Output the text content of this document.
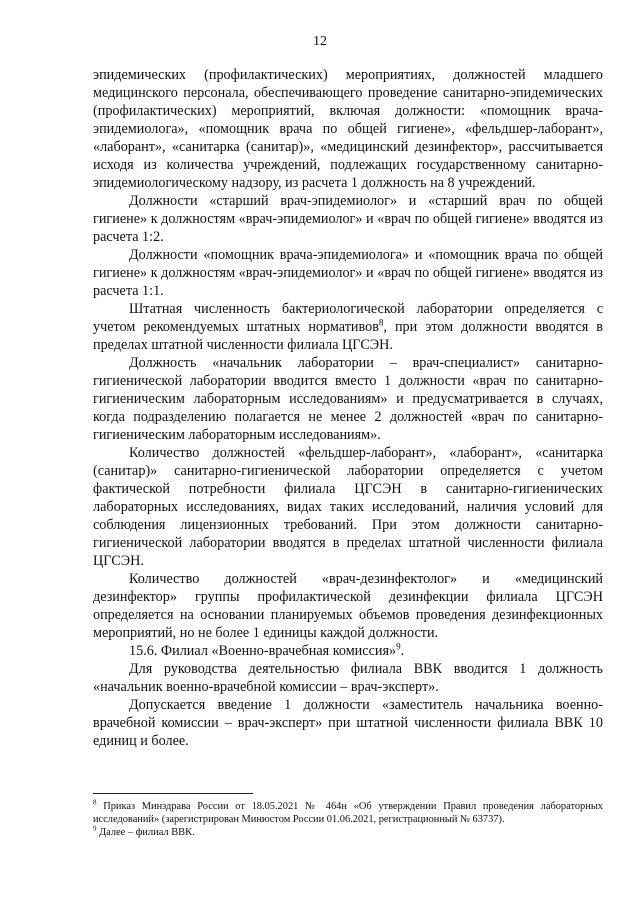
12

эпидемических (профилактических) мероприятиях, должностей младшего медицинского персонала, обеспечивающего проведение санитарно-эпидемических (профилактических) мероприятий, включая должности: «помощник врача-эпидемиолога», «помощник врача по общей гигиене», «фельдшер-лаборант», «лаборант», «санитарка (санитар)», «медицинский дезинфектор», рассчитывается исходя из количества учреждений, подлежащих государственному санитарно-эпидемиологическому надзору, из расчета 1 должность на 8 учреждений.

Должности «старший врач-эпидемиолог» и «старший врач по общей гигиене» к должностям «врач-эпидемиолог» и «врач по общей гигиене» вводятся из расчета 1:2.

Должности «помощник врача-эпидемиолога» и «помощник врача по общей гигиене» к должностям «врач-эпидемиолог» и «врач по общей гигиене» вводятся из расчета 1:1.

Штатная численность бактериологической лаборатории определяется с учетом рекомендуемых штатных нормативов$^8$, при этом должности вводятся в пределах штатной численности филиала ЦГСЭН.

Должность «начальник лаборатории – врач-специалист» санитарно-гигиенической лаборатории вводится вместо 1 должности «врач по санитарно-гигиеническим лабораторным исследованиям» и предусматривается в случаях, когда подразделению полагается не менее 2 должностей «врач по санитарно-гигиеническим лабораторным исследованиям».

Количество должностей «фельдшер-лаборант», «лаборант», «санитарка (санитар)» санитарно-гигиенической лаборатории определяется с учетом фактической потребности филиала ЦГСЭН в санитарно-гигиенических лабораторных исследованиях, видах таких исследований, наличия условий для соблюдения лицензионных требований. При этом должности санитарно-гигиенической лаборатории вводятся в пределах штатной численности филиала ЦГСЭН.

Количество должностей «врач-дезинфектолог» и «медицинский дезинфектор» группы профилактической дезинфекции филиала ЦГСЭН определяется на основании планируемых объемов проведения дезинфекционных мероприятий, но не более 1 единицы каждой должности.

15.6. Филиал «Военно-врачебная комиссия»$^9$.

Для руководства деятельностью филиала ВВК вводится 1 должность «начальник военно-врачебной комиссии – врач-эксперт».

Допускается введение 1 должности «заместитель начальника военно-врачебной комиссии – врач-эксперт» при штатной численности филиала ВВК 10 единиц и более.

$^8$ Приказ Минздрава России от 18.05.2021 № 464н «Об утверждении Правил проведения лабораторных исследований» (зарегистрирован Минюстом России 01.06.2021, регистрационный № 63737).

$^9$ Далее – филиал ВВК.
